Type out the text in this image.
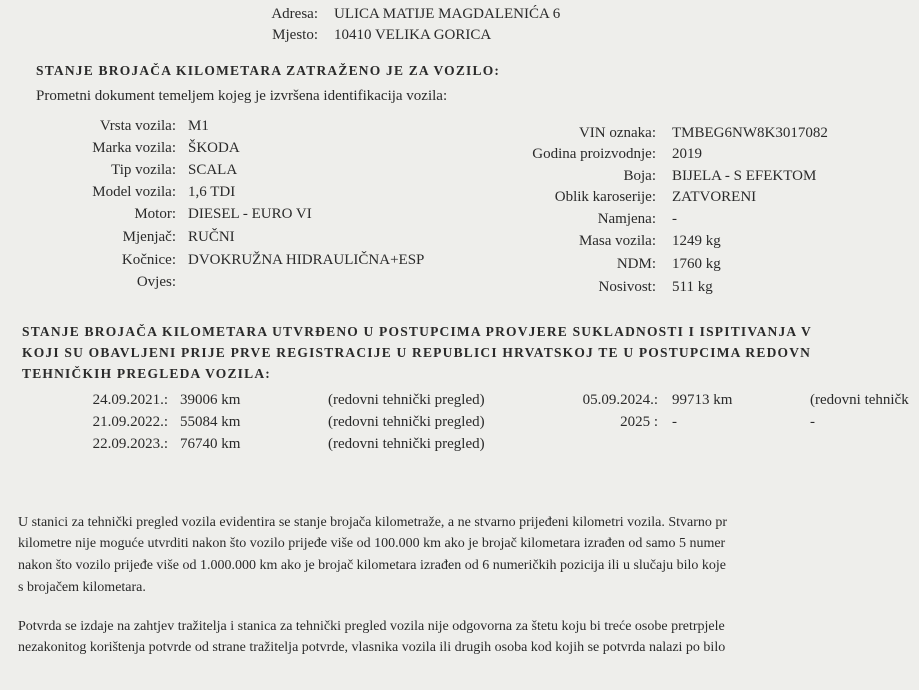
Adresa: ULICA MATIJE MAGDALENIĆA 6
Mjesto: 10410 VELIKA GORICA
STANJE BROJAČA KILOMETARA ZATRAŽENO JE ZA VOZILO:
Prometni dokument temeljem kojeg je izvršena identifikacija vozila:
Vrsta vozila: M1
Marka vozila: ŠKODA
Tip vozila: SCALA
Model vozila: 1,6 TDI
Motor: DIESEL - EURO VI
Mjenjač: RUČNI
Kočnice: DVOKRUŽNA HIDRAULIČNA+ESP
Ovjes:
VIN oznaka: TMBEG6NW8K3017082
Godina proizvodnje: 2019
Boja: BIJELA - S EFEKTOM
Oblik karoserije: ZATVORENI
Namjena: -
Masa vozila: 1249 kg
NDM: 1760 kg
Nosivost: 511 kg
STANJE BROJAČA KILOMETARA UTVRĐENO U POSTUPCIMA PROVJERE SUKLADNOSTI I ISPITIVANJA V
KOJI SU OBAVLJENI PRIJE PRVE REGISTRACIJE U REPUBLICI HRVATSKOJ TE U POSTUPCIMA REDOVN
TEHNIČKIH PREGLEDA VOZILA:
24.09.2021.: 39006 km	(redovni tehnički pregled)
21.09.2022.: 55084 km	(redovni tehnički pregled)
22.09.2023.: 76740 km	(redovni tehnički pregled)
05.09.2024.: 99713 km	(redovni tehničk
2025 : -	-
U stanici za tehnički pregled vozila evidentira se stanje brojača kilometraže, a ne stvarno prijeđeni kilometri vozila. Stvarno pr
kilometre nije moguće utvrditi nakon što vozilo prijeđe više od 100.000 km ako je brojač kilometara izrađen od samo 5 numer
nakon što vozilo prijeđe više od 1.000.000 km ako je brojač kilometara izrađen od 6 numeričkih pozicija ili u slučaju bilo koje
s brojačem kilometara.
Potvrda se izdaje na zahtjev tražitelja i stanica za tehnički pregled vozila nije odgovorna za štetu koju bi treće osobe pretrpjele
nezakonitog korištenja potvrde od strane tražitelja potvrde, vlasnika vozila ili drugih osoba kod kojih se potvrda nalazi po bilo
